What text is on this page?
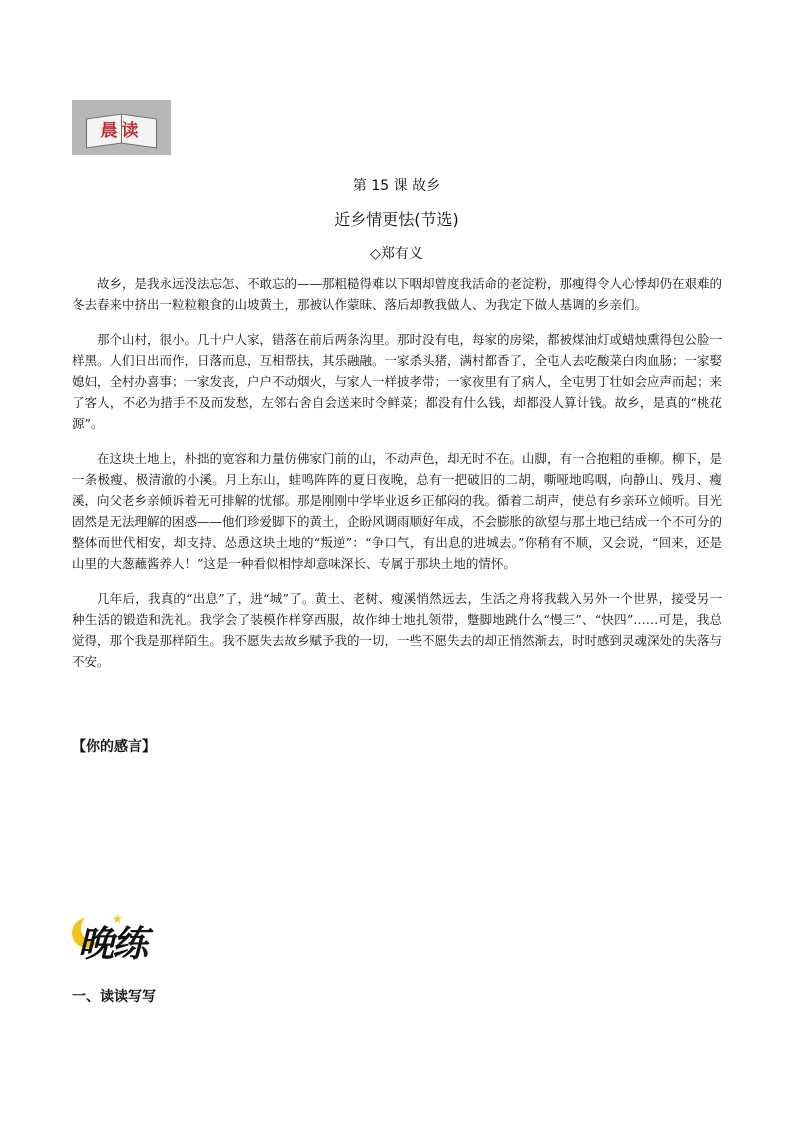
晨读
第 15 课 故乡
近乡情更怯(节选)
◇郑有义

故乡，是我永远没法忘怎、不敢忘的——那粗糙得难以下咽却曾度我活命的老淀粉，那瘦得令人心悸却仍在艰难的冬去春来中挤出一粒粒粮食的山坡黄土，那被认作蒙昧、落后却教我做人、为我定下做人基调的乡亲们。

那个山村，很小。几十户人家，错落在前后两条沟里。那时没有电，每家的房梁，都被煤油灯或蜡烛熏得包公脸一样黑。人们日出而作，日落而息，互相帮扶，其乐融融。一家杀头猪，满村都香了，全屯人去吃酸菜白肉血肠；一家娶媳妇，全村办喜事；一家发丧，户户不动烟火，与家人一样披孝带；一家夜里有了病人，全屯男丁壮如会应声而起；来了客人，不必为措手不及而发愁，左邻右舍自会送来时令鲜菜；都没有什么钱，却都没人算计钱。故乡，是真的“桃花源”。

在这块土地上，朴拙的宽容和力量仿佛家门前的山，不动声色，却无时不在。山脚，有一合抱粗的垂柳。柳下，是一条极瘦、极清澈的小溪。月上东山，蛙鸣阵阵的夏日夜晚，总有一把破旧的二胡，嘶哑地呜咽，向静山、残月、瘦溪，向父老乡亲倾诉着无可排解的忧郁。那是刚刚中学毕业返乡正郁闷的我。循着二胡声，使总有乡亲环立倾听。目光固然是无法理解的困惑——他们珍爱脚下的黄土，企盼风调雨顺好年成，不会膨胀的欲望与那土地已结成一个不可分的整体而世代相安，却支持、怂恿这块土地的“叛逆”：“争口气，有出息的进城去。”你稍有不顺，又会说，“回来，还是山里的大葱蘸酱养人！”这是一种看似相悖却意味深长、专属于那块土地的情怀。

几年后，我真的“出息”了，进“城”了。黄土、老树、瘦溪悄然远去，生活之舟将我载入另外一个世界，接受另一种生活的锻造和洗礼。我学会了装模作样穿西服，故作绅士地扎领带，蹩脚地跳什么“慢三”、“快四”……可是，我总觉得，那个我是那样陌生。我不愿失去故乡赋予我的一切，一些不愿失去的却正悄然渐去，时时感到灵魂深处的失落与不安。

【你的感言】
★
晚练
一、读读写写
